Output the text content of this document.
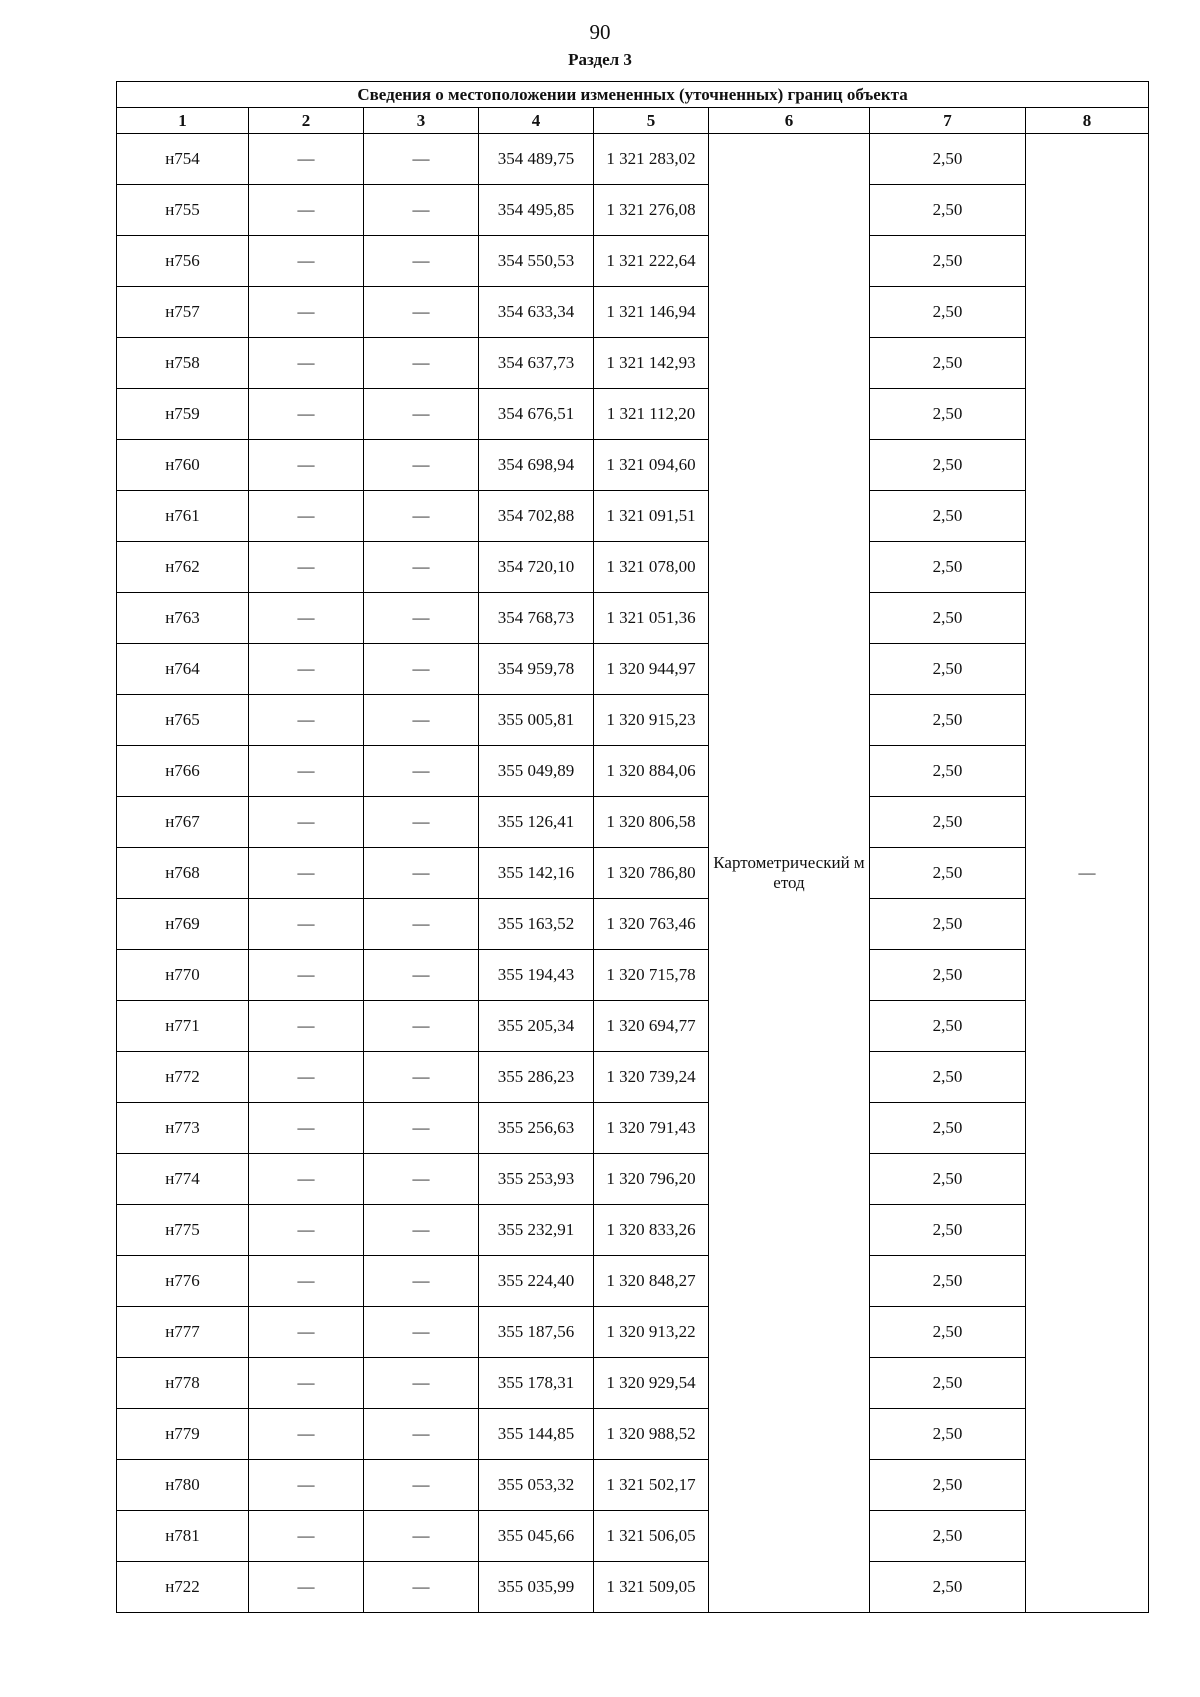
90
Раздел 3
Сведения о местоположении измененных (уточненных) границ объекта							
1	2	3	4	5	6	7	8
н754	—	—	354 489,75	1 321 283,02	Картометрический метод	2,50	—
н755	—	—	354 495,85	1 321 276,08		2,50	
н756	—	—	354 550,53	1 321 222,64		2,50	
н757	—	—	354 633,34	1 321 146,94		2,50	
н758	—	—	354 637,73	1 321 142,93		2,50	
н759	—	—	354 676,51	1 321 112,20		2,50	
н760	—	—	354 698,94	1 321 094,60		2,50	
н761	—	—	354 702,88	1 321 091,51		2,50	
н762	—	—	354 720,10	1 321 078,00		2,50	
н763	—	—	354 768,73	1 321 051,36		2,50	
н764	—	—	354 959,78	1 320 944,97		2,50	
н765	—	—	355 005,81	1 320 915,23		2,50	
н766	—	—	355 049,89	1 320 884,06		2,50	
н767	—	—	355 126,41	1 320 806,58		2,50	
н768	—	—	355 142,16	1 320 786,80		2,50	
н769	—	—	355 163,52	1 320 763,46		2,50	
н770	—	—	355 194,43	1 320 715,78		2,50	
н771	—	—	355 205,34	1 320 694,77		2,50	
н772	—	—	355 286,23	1 320 739,24		2,50	
н773	—	—	355 256,63	1 320 791,43		2,50	
н774	—	—	355 253,93	1 320 796,20		2,50	
н775	—	—	355 232,91	1 320 833,26		2,50	
н776	—	—	355 224,40	1 320 848,27		2,50	
н777	—	—	355 187,56	1 320 913,22		2,50	
н778	—	—	355 178,31	1 320 929,54		2,50	
н779	—	—	355 144,85	1 320 988,52		2,50	
н780	—	—	355 053,32	1 321 502,17		2,50	
н781	—	—	355 045,66	1 321 506,05		2,50	
н722	—	—	355 035,99	1 321 509,05		2,50	
